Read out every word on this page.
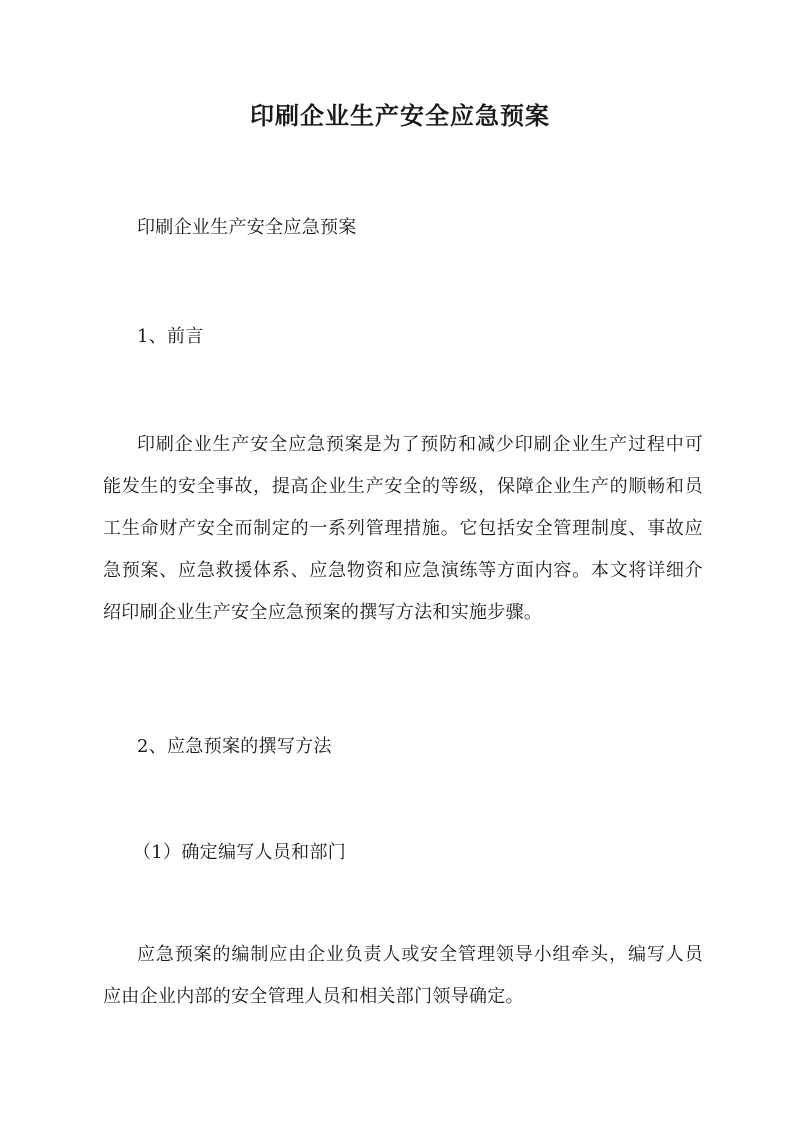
印刷企业生产安全应急预案

印刷企业生产安全应急预案

1、前言

印刷企业生产安全应急预案是为了预防和减少印刷企业生产过程中可能发生的安全事故，提高企业生产安全的等级，保障企业生产的顺畅和员工生命财产安全而制定的一系列管理措施。它包括安全管理制度、事故应急预案、应急救援体系、应急物资和应急演练等方面内容。本文将详细介绍印刷企业生产安全应急预案的撰写方法和实施步骤。

2、应急预案的撰写方法

（1）确定编写人员和部门

应急预案的编制应由企业负责人或安全管理领导小组牵头，编写人员应由企业内部的安全管理人员和相关部门领导确定。
